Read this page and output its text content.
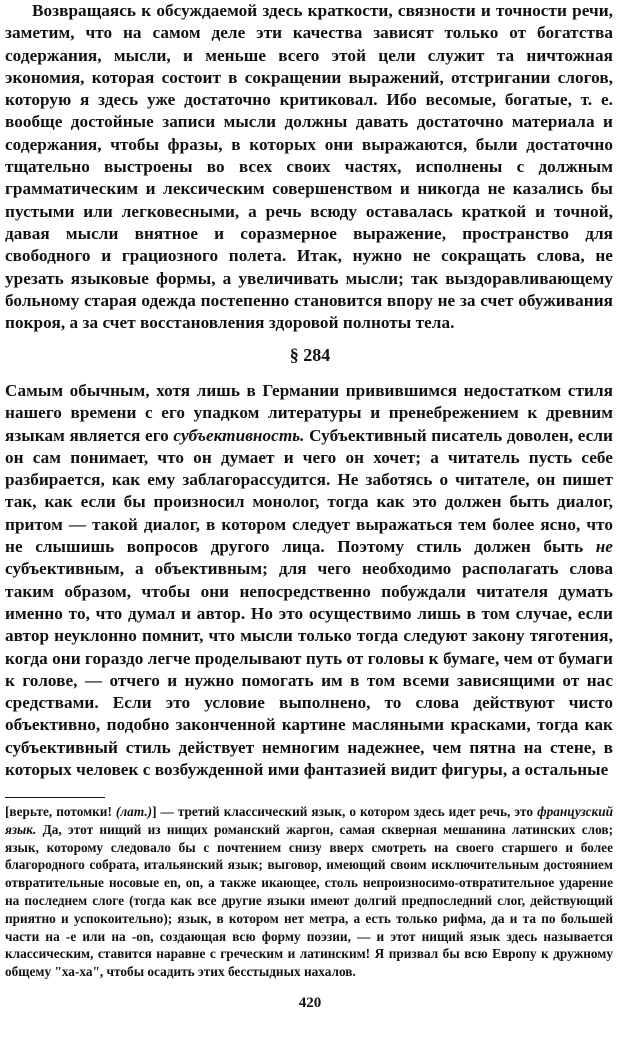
Возвращаясь к обсуждаемой здесь краткости, связности и точности речи, заметим, что на самом деле эти качества зависят только от богатства содержания, мысли, и меньше всего этой цели служит та ничтожная экономия, которая состоит в сокращении выражений, отстригании слогов, которую я здесь уже достаточно критиковал. Ибо весомые, богатые, т. е. вообще достойные записи мысли должны давать достаточно материала и содержания, чтобы фразы, в которых они выражаются, были достаточно тщательно выстроены во всех своих частях, исполнены с должным грамматическим и лексическим совершенством и никогда не казались бы пустыми или легковесными, а речь всюду оставалась краткой и точной, давая мысли внятное и соразмерное выражение, пространство для свободного и грациозного полета. Итак, нужно не сокращать слова, не урезать языковые формы, а увеличивать мысли; так выздоравливающему больному старая одежда постепенно становится впору не за счет обуживания покроя, а за счет восстановления здоровой полноты тела.

§ 284

Самым обычным, хотя лишь в Германии привившимся недостатком стиля нашего времени с его упадком литературы и пренебрежением к древним языкам является его субъективность. Субъективный писатель доволен, если он сам понимает, что он думает и чего он хочет; а читатель пусть себе разбирается, как ему заблагорассудится. Не заботясь о читателе, он пишет так, как если бы произносил монолог, тогда как это должен быть диалог, притом — такой диалог, в котором следует выражаться тем более ясно, что не слышишь вопросов другого лица. Поэтому стиль должен быть не субъективным, а объективным; для чего необходимо располагать слова таким образом, чтобы они непосредственно побуждали читателя думать именно то, что думал и автор. Но это осуществимо лишь в том случае, если автор неуклонно помнит, что мысли только тогда следуют закону тяготения, когда они гораздо легче проделывают путь от головы к бумаге, чем от бумаги к голове, — отчего и нужно помогать им в том всеми зависящими от нас средствами. Если это условие выполнено, то слова действуют чисто объективно, подобно законченной картине масляными красками, тогда как субъективный стиль действует немногим надежнее, чем пятна на стене, в которых человек с возбужденной ими фантазией видит фигуры, а остальные

[верьте, потомки! (лат.)] — третий классический язык, о котором здесь идет речь, это французский язык. Да, этот нищий из нищих романский жаргон, самая скверная мешанина латинских слов; язык, которому следовало бы с почтением снизу вверх смотреть на своего старшего и более благородного собрата, итальянский язык; выговор, имеющий своим исключительным достоянием отвратительные носовые en, on, а также икающее, столь непроизносимо-отвратительное ударение на последнем слоге (тогда как все другие языки имеют долгий предпоследний слог, действующий приятно и успокоительно); язык, в котором нет метра, а есть только рифма, да и та по большей части на -e или на -on, создающая всю форму поэзии, — и этот нищий язык здесь называется классическим, ставится наравне с греческим и латинским! Я призвал бы всю Европу к дружному общему "ха-ха", чтобы осадить этих бесстыдных нахалов.

420
